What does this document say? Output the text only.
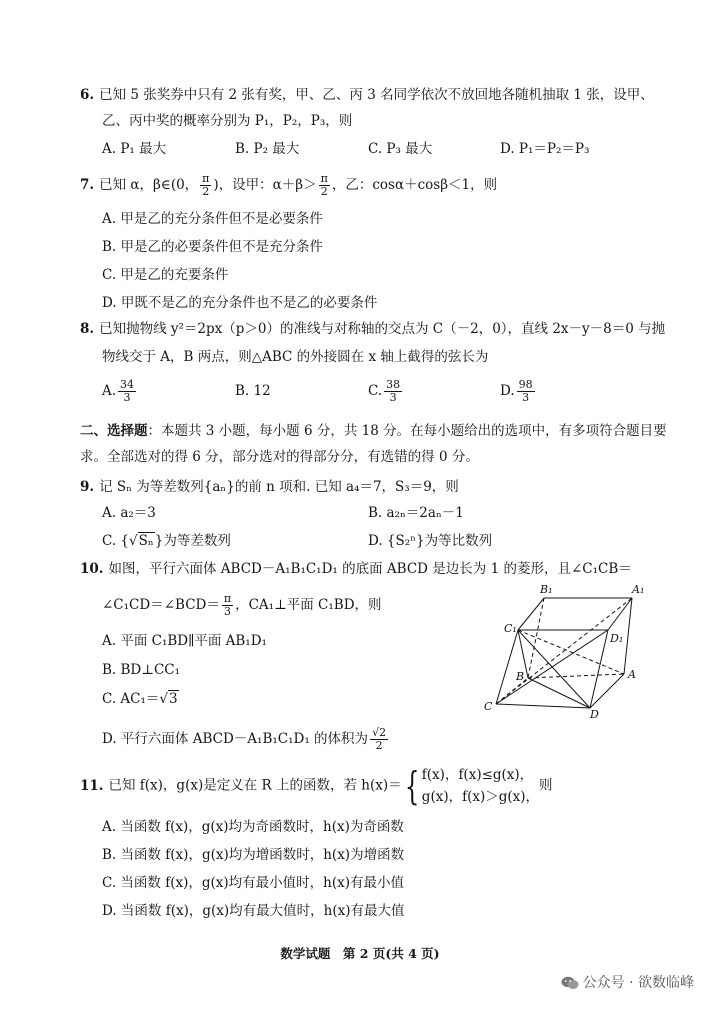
6. 已知 5 张奖券中只有 2 张有奖，甲、乙、丙 3 名同学依次不放回地各随机抽取 1 张，设甲、
乙、丙中奖的概率分别为 P₁，P₂，P₃，则
A. P₁ 最大	B. P₂ 最大	C. P₃ 最大	D. P₁＝P₂＝P₃
7. 已知 α，β∈(0， $\frac{\pi}{2}$ )，设甲：$\alpha+\beta> \frac{\pi}{2}$ ，乙：cosα＋cosβ＜1，则
A. 甲是乙的充分条件但不是必要条件
B. 甲是乙的必要条件但不是充分条件
C. 甲是乙的充要条件
D. 甲既不是乙的充分条件也不是乙的必要条件
8. 已知抛物线 y²＝2px（p＞0）的准线与对称轴的交点为 C（－2，0），直线 2x－y－8＝0 与抛
物线交于 A，B 两点，则△ABC 的外接圆在 x 轴上截得的弦长为
A. $\frac{34}{3}$	B. 12	C. $\frac{38}{3}$	D. $\frac{98}{3}$
二、选择题：本题共 3 小题，每小题 6 分，共 18 分。在每小题给出的选项中，有多项符合题目要
求。全部选对的得 6 分，部分选对的得部分分，有选错的得 0 分。
9. 记 Sₙ 为等差数列{aₙ}的前 n 项和. 已知 a₄＝7，S₃＝9，则
A. a₂＝3	B. a₂ₙ＝2aₙ－1
C. {√Sₙ}为等差数列	D. {S₂ⁿ}为等比数列
10. 如图，平行六面体 ABCD－A₁B₁C₁D₁ 的底面 ABCD 是边长为 1 的菱形，且∠C₁CB＝
∠C₁CD＝∠BCD＝ $\frac{\pi}{3}$ ，CA₁⊥平面 C₁BD，则
A. 平面 C₁BD∥平面 AB₁D₁
B. BD⊥CC₁
C. AC₁＝√3
D. 平行六面体 ABCD－A₁B₁C₁D₁ 的体积为 $\frac{√2}{2}$
B₁	A₁
C₁
D₁
B	A
C
D
11. 已知 f(x)，g(x)是定义在 R 上的函数，若 h(x)＝{ f(x)，f(x)≤g(x)，
g(x)，f(x)＞g(x)，
则
A. 当函数 f(x)，g(x)均为奇函数时，h(x)为奇函数
B. 当函数 f(x)，g(x)均为增函数时，h(x)为增函数
C. 当函数 f(x)，g(x)均有最小值时，h(x)有最小值
D. 当函数 f(x)，g(x)均有最大值时，h(x)有最大值
数学试题　第 2 页(共 4 页)
公众号 · 欲数临峰
